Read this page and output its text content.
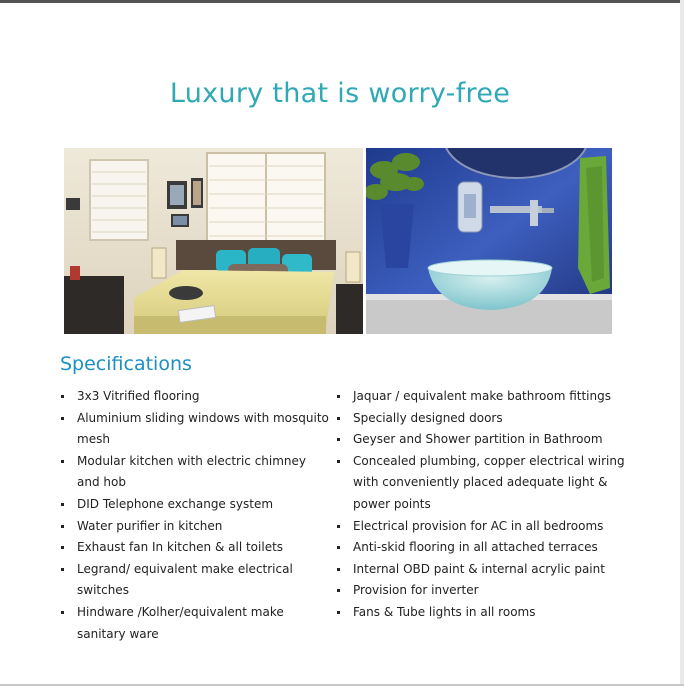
Luxury that is worry-free
Specifications
3x3 Vitrified flooring
Aluminium sliding windows with mosquito mesh
Modular kitchen with electric chimney and hob
DID Telephone exchange system
Water purifier in kitchen
Exhaust fan In kitchen & all toilets
Legrand/ equivalent make electrical switches
Hindware /Kolher/equivalent make sanitary ware
Jaquar / equivalent make bathroom fittings
Specially designed doors
Geyser and Shower partition in Bathroom
Concealed plumbing, copper electrical wiring with conveniently placed adequate light & power points
Electrical provision for AC in all bedrooms
Anti-skid flooring in all attached terraces
Internal OBD paint & internal acrylic paint
Provision for inverter
Fans & Tube lights in all rooms
